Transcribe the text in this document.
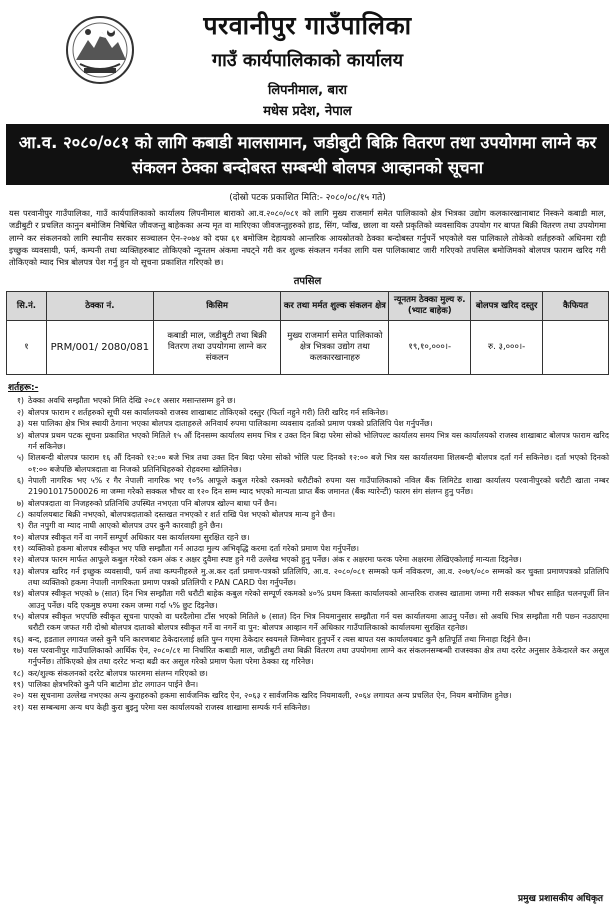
परवानीपुर गाउँपालिका
गाउँ कार्यपालिकाको कार्यालय
लिपनीमाल, बारा
मधेस प्रदेश, नेपाल
आ.व. २०८०/०८१ को लागि कबाडी मालसामान, जडीबुटी बिक्रि वितरण तथा उपयोगमा लाग्ने कर संकलन ठेक्का बन्दोबस्त सम्बन्धी बोलपत्र आव्हानको सूचना
(दोस्रो पटक प्रकाशित मिति:- २०८०/०८/१५ गते)

यस परवानीपुर गाउँपालिका, गाउँ कार्यपालिकाको कार्यालय लिपनीमाल बाराको आ.व.२०८०/०८१ को लागि मुख्य राजमार्ग समेत पालिकाको क्षेत्र भित्रका उद्योग कलकारखानाबाट निस्कने कबाडी माल, जडीबुटी र प्रचलित कानुन बमोजिम निषेधित जीवजन्तु बाहेकका अन्य मृत वा मारिएका जीवजन्तुहरुको हाड, सिंग, प्वाँख, छाला वा यस्तै प्रकृतिको व्यवसायिक उपयोग गर बापत बिक्री वितरण तथा उपयोगमा लाग्ने कर संकलनको लागि स्थानीय सरकार सञ्चालन ऐन-२०७४ को दफा ६१ बमोजिम देहायको आन्तरिक आयस्रोतको ठेक्का बन्दोबस्त गर्नुपर्ने भएकोले यस पालिकाले तोकेको शर्तहरुको अधिनमा रही इच्छुक व्यवसायी, फर्म, कम्पनी तथा व्यक्तिहरुबाट तोकिएको न्यूनतम अंकमा नघट्ने गरी कर शुल्क संकलन गर्नका लागि यस पालिकाबाट जारी गरिएको तपसिल बमोजिमको बोलपत्र फाराम खरिद गरी तोकिएको म्याद भित्र बोलपत्र पेश गर्नु हुन यो सूचना प्रकाशित गरिएको छ।

तपसिल
सि.नं.	ठेक्का नं.	किसिम	कर तथा मर्मत शुल्क संकलन क्षेत्र	न्यूनतम ठेक्का मुल्य रु. (भ्याट बाहेक)	बोलपत्र खरिद दस्तुर	कैफियत
१	PRM/001/ 2080/081	कबाडी माल, जडीबुटी तथा बिक्री वितरण तथा उपयोगमा लाग्ने कर संकलन	मुख्य राजमार्ग समेत पालिकाको क्षेत्र भित्रका उद्योग तथा कलकारखानाहरु	१९,१०,०००।-	रु. ३,०००।-	
शर्तहरू:-
१) ठेक्का अवधि सम्झौता भएको मिति देखि २०८१ असार मसान्तसम्म हुने छ।
२) बोलपत्र फाराम र शर्तहरुको सूची यस कार्यालयको राजस्व शाखाबाट तोकिएको दस्तुर (फिर्ता नहुने गरी) तिरी खरिद गर्न सकिनेछ।
३) यस पालिका क्षेत्र भित्र स्थायी ठेगाना भएका बोलपत्र दाताहरुले अनिवार्य रुपमा पालिकामा व्यवसाय दर्ताको प्रमाण पत्रको प्रतिलिपि पेश गर्नुपर्नेछ।
४) बोलपत्र प्रथम पटक सूचना प्रकाशित भएको मितिले १५ औं दिनसम्म कार्यालय समय भित्र र उक्त दिन बिदा परेमा सोको भोलिपल्ट कार्यालय समय भित्र यस कार्यालयको राजस्व शाखाबाट बोलपत्र फाराम खरिद गर्न सकिनेछ।
५) शिलबन्दी बोलपत्र फाराम १६ औं दिनको १२:०० बजे भित्र तथा उक्त दिन बिदा परेमा सोको भोलि पल्ट दिनको १२:०० बजे भित्र यस कार्यालयमा शिलबन्दी बोलपत्र दर्ता गर्न सकिनेछ। दर्ता भएको दिनको ०१:०० बजेपछि बोलपत्रदाता वा निजको प्रतिनिधिहरुको रोहवरमा खोलिनेछ।
६) नेपाली नागरिक भए ५% र गैर नेपाली नागरिक भए १०% आफूले कबुल गरेको रकमको धरौटीको रुपमा यस गाउँपालिकाको नविल बैंक लिमिटेड शाखा कार्यालय परवानीपुरको धरौटी खाता नम्बर 21901017500026 मा जम्मा गरेको सक्कल भौचर वा १२० दिन सम्म म्याद भएको मान्यता प्राप्त बैंक जमानत (बैंक ग्यारेन्टी) फारम संग संलग्न हुनु पर्नेछ।
७) बोलपत्रदाता वा निजहरुको प्रतिनिधि उपस्थित नभएता पनि बोलपत्र खोल्न बाधा पर्ने छैन।
८) कार्यालयबाट बिक्री नभएको, बोलपत्रदाताको दस्तखत नभएको र शर्त राखि पेश भएको बोलपत्र मान्य हुने छैन।
९) रीत नपुगी वा म्याद नाघी आएको बोलपत्र उपर कुनै कारवाही हुने छैन।
१०) बोलपत्र स्वीकृत गर्ने वा नगर्ने सम्पूर्ण अधिकार यस कार्यालयमा सुरक्षित रहने छ।
११) व्यक्तिको हकमा बोलपत्र स्वीकृत भए पछि सम्झौता गर्न आउदा मुल्य अभिवृद्धि करमा दर्ता गरेको प्रमाण पेश गर्नुपर्नेछ।
१२) बोलपत्र फारम मार्फत आफूले कबुल गरेको रकम अंक र अक्षर दुवैमा स्पष्ट हुने गरी उल्लेख भएको हुनु पर्नेछ। अंक र अक्षरमा फरक परेमा अक्षरमा लेखिएकोलाई मान्यता दिइनेछ।
१३) बोलपत्र खरिद गर्न इच्छुक व्यवसायी, फर्म तथा कम्पनीहरुले मु.अ.कर दर्ता प्रमाण-पत्रको प्रतिलिपि, आ.व. २०८०/०८१ सम्मको फर्म नविकरण, आ.व. २०७९/०८० सम्मको कर चुक्ता प्रमाणपत्रको प्रतिलिपि तथा व्यक्तिको हकमा नेपाली नागरिकता प्रमाण पत्रको प्रतिलिपी र PAN CARD पेश गर्नुपर्नेछ।
१४) बोलपत्र स्वीकृत भएको ७ (सात) दिन भित्र सम्झौता गरी धरौटी बाहेक कबुल गरेको सम्पूर्ण रकमको ४०% प्रथम किस्ता कार्यालयको आन्तरिक राजस्व खातामा जम्मा गरी सक्कल भौचर साहित चलनपूर्जी लिन आउनु पर्नेछ। यदि एकमुष्ठ रुपमा रकम जम्मा गर्दा ५% छुट दिइनेछ।
१५) बोलपत्र स्वीकृत भएपछि स्वीकृत सूचना पाएको वा घरदैलोमा टाँस भएको मितिले ७ (सात) दिन भित्र नियमानुसार सम्झौता गर्न यस कार्यालयमा आउनु पर्नेछ। सो अवधि भित्र सम्झौता गरी पछ्न नउठाएमा धरौटी रकम जफत गरी दोश्रो बोलपत्र दाताको बोलपत्र स्वीकृत गर्ने वा नगर्ने वा पुन: बोलपत्र आव्हान गर्ने अधिकार गाउँपालिकाको कार्यालयमा सुरक्षित रहनेछ।
१६) बन्द, हडताल लगायत जस्ते कुनै पनि कारणबाट ठेकेदारलाई क्षति पुग्न गएमा ठेकेदार स्वयमले जिम्मेवार हुनुपर्ने र त्यस बापत यस कार्यालयबाट कुनै क्षतिपूर्ति तथा मिनाहा दिईने छैन।
१७) यस परवानीपुर गाउँपालिकाको आर्थिक ऐन, २०८०/८१ मा निर्धारित कबाडी माल, जडीबुटी तथा बिक्री वितरण तथा उपयोगमा लाग्ने कर संकलनसम्बन्धी राजस्वका क्षेत्र तथा दररेट अनुसार ठेकेदारले कर असुल गर्नुपर्नेछ। तोकिएको क्षेत्र तथा दररेट भन्दा बढी कर असुल गरेको प्रमाण फेला परेमा ठेक्का रद्द गरिनेछ।
१८) कर/शुल्क संकलनको दररेट बोलपत्र फारममा संलग्न गरिएको छ।
१९) पालिका क्षेत्रभरिको कुनै पनि बाटोमा डोट लगाउन पाईने छैन।
२०) यस सूचनामा उल्लेख नभएका अन्य कुराहरुको हकमा सार्वजनिक खरिद ऐन, २०६३ र सार्वजनिक खरिद नियमावली, २०६४ लगायत अन्य प्रचलित ऐन, नियम बमोजिम हुनेछ।
२१) यस सम्बन्धमा अन्य थप केही कुरा बुझ्नु परेमा यस कार्यालयको राजस्व शाखामा सम्पर्क गर्न सकिनेछ।
प्रमुख प्रशासकीय अधिकृत
